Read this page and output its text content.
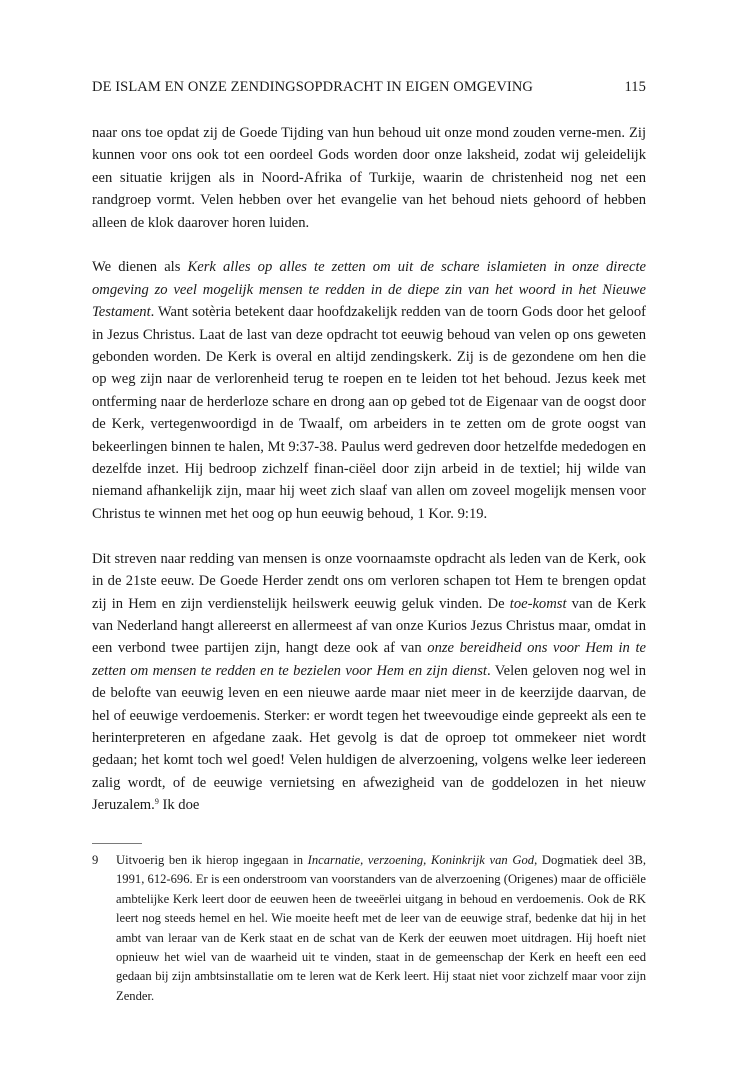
DE ISLAM EN ONZE ZENDINGSOPDRACHT IN EIGEN OMGEVING	115

naar ons toe opdat zij de Goede Tijding van hun behoud uit onze mond zouden verne-men. Zij kunnen voor ons ook tot een oordeel Gods worden door onze laksheid, zodat wij geleidelijk een situatie krijgen als in Noord-Afrika of Turkije, waarin de christenheid nog net een randgroep vormt. Velen hebben over het evangelie van het behoud niets gehoord of hebben alleen de klok daarover horen luiden.

We dienen als Kerk alles op alles te zetten om uit de schare islamieten in onze directe omgeving zo veel mogelijk mensen te redden in de diepe zin van het woord in het Nieuwe Testament. Want sotèria betekent daar hoofdzakelijk redden van de toorn Gods door het geloof in Jezus Christus. Laat de last van deze opdracht tot eeuwig behoud van velen op ons geweten gebonden worden. De Kerk is overal en altijd zendingskerk. Zij is de gezondene om hen die op weg zijn naar de verlorenheid terug te roepen en te leiden tot het behoud. Jezus keek met ontferming naar de herderloze schare en drong aan op gebed tot de Eigenaar van de oogst door de Kerk, vertegenwoordigd in de Twaalf, om arbeiders in te zetten om de grote oogst van bekeerlingen binnen te halen, Mt 9:37-38. Paulus werd gedreven door hetzelfde mededogen en dezelfde inzet. Hij bedroop zichzelf finan-ciëel door zijn arbeid in de textiel; hij wilde van niemand afhankelijk zijn, maar hij weet zich slaaf van allen om zoveel mogelijk mensen voor Christus te winnen met het oog op hun eeuwig behoud, 1 Kor. 9:19.

Dit streven naar redding van mensen is onze voornaamste opdracht als leden van de Kerk, ook in de 21ste eeuw. De Goede Herder zendt ons om verloren schapen tot Hem te brengen opdat zij in Hem en zijn verdienstelijk heilswerk eeuwig geluk vinden. De toe-komst van de Kerk van Nederland hangt allereerst en allermeest af van onze Kurios Jezus Christus maar, omdat in een verbond twee partijen zijn, hangt deze ook af van onze bereidheid ons voor Hem in te zetten om mensen te redden en te bezielen voor Hem en zijn dienst. Velen geloven nog wel in de belofte van eeuwig leven en een nieuwe aarde maar niet meer in de keerzijde daarvan, de hel of eeuwige verdoemenis. Sterker: er wordt tegen het tweevoudige einde gepreekt als een te herinterpreteren en afgedane zaak. Het gevolg is dat de oproep tot ommekeer niet wordt gedaan; het komt toch wel goed! Velen huldigen de alverzoening, volgens welke leer iedereen zalig wordt, of de eeuwige vernietsing en afwezigheid van de goddelozen in het nieuw Jeruzalem.$^9$ Ik doe

9 Uitvoerig ben ik hierop ingegaan in Incarnatie, verzoening, Koninkrijk van God, Dogmatiek deel 3B, 1991, 612-696. Er is een onderstroom van voorstanders van de alverzoening (Origenes) maar de officiële ambtelijke Kerk leert door de eeuwen heen de tweeërlei uitgang in behoud en verdoemenis. Ook de RK leert nog steeds hemel en hel. Wie moeite heeft met de leer van de eeuwige straf, bedenke dat hij in het ambt van leraar van de Kerk staat en de schat van de Kerk der eeuwen moet uitdragen. Hij hoeft niet opnieuw het wiel van de waarheid uit te vinden, staat in de gemeenschap der Kerk en heeft een eed gedaan bij zijn ambtsinstallatie om te leren wat de Kerk leert. Hij staat niet voor zichzelf maar voor zijn Zender.
